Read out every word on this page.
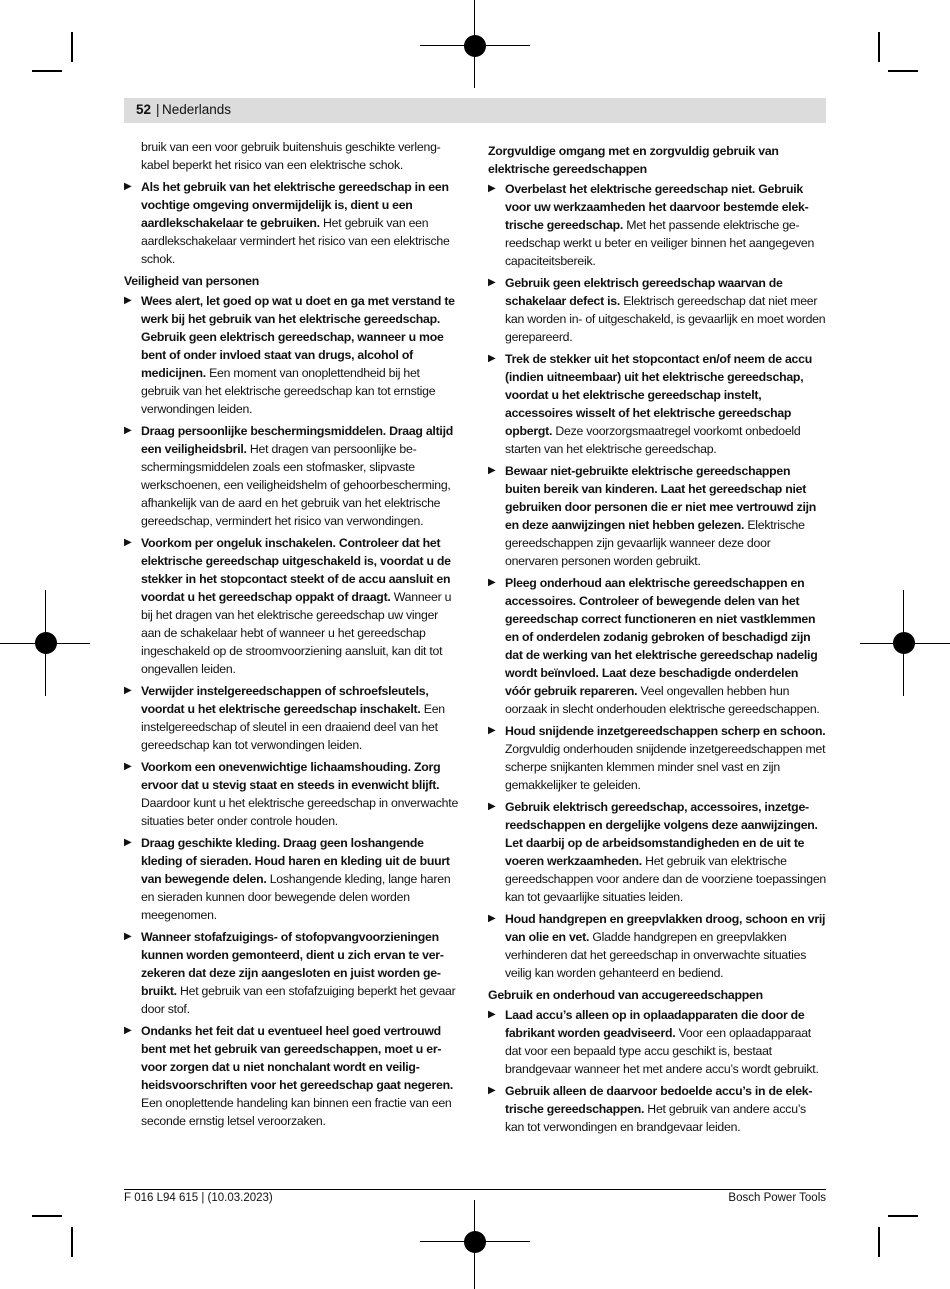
52 | Nederlands
bruik van een voor gebruik buitenshuis geschikte verlengkabel beperkt het risico van een elektrische schok.
▶ Als het gebruik van het elektrische gereedschap in een vochtige omgeving onvermijdelijk is, dient u een aardlekschakelaar te gebruiken. Het gebruik van een aardlekschakelaar vermindert het risico van een elektrische schok.
Veiligheid van personen
▶ Wees alert, let goed op wat u doet en ga met verstand te werk bij het gebruik van het elektrische gereedschap. Gebruik geen elektrisch gereedschap, wanneer u moe bent of onder invloed staat van drugs, alcohol of medicijnen. Een moment van onoplettendheid bij het gebruik van het elektrische gereedschap kan tot ernstige verwondingen leiden.
▶ Draag persoonlijke beschermingsmiddelen. Draag altijd een veiligheidsbril. Het dragen van persoonlijke beschermingsmiddelen zoals een stofmasker, slipvaste werkschoenen, een veiligheidshelm of gehoorbescherming, afhankelijk van de aard en het gebruik van het elektrische gereedschap, vermindert het risico van verwondingen.
▶ Voorkom per ongeluk inschakelen. Controleer dat het elektrische gereedschap uitgeschakeld is, voordat u de stekker in het stopcontact steekt of de accu aansluit en voordat u het gereedschap oppakt of draagt. Wanneer u bij het dragen van het elektrische gereedschap uw vinger aan de schakelaar hebt of wanneer u het gereedschap ingeschakeld op de stroomvoorziening aansluit, kan dit tot ongevallen leiden.
▶ Verwijder instelgereedschappen of schroefsleutels, voordat u het elektrische gereedschap inschakelt. Een instelgereedschap of sleutel in een draaiend deel van het gereedschap kan tot verwondingen leiden.
▶ Voorkom een onevenwichtige lichaamshouding. Zorg ervoor dat u stevig staat en steeds in evenwicht blijft. Daardoor kunt u het elektrische gereedschap in onverwachte situaties beter onder controle houden.
▶ Draag geschikte kleding. Draag geen loshangende kleding of sieraden. Houd haren en kleding uit de buurt van bewegende delen. Loshangende kleding, lange haren en sieraden kunnen door bewegende delen worden meegenomen.
▶ Wanneer stofafzuigings- of stofopvangvoorzieningen kunnen worden gemonteerd, dient u zich ervan te verzekeren dat deze zijn aangesloten en juist worden gebruikt. Het gebruik van een stofafzuiging beperkt het gevaar door stof.
▶ Ondanks het feit dat u eventueel heel goed vertrouwd bent met het gebruik van gereedschappen, moet u ervoor zorgen dat u niet nonchalant wordt en veiligheidsvoorschriften voor het gereedschap gaat negeren. Een onoplettende handeling kan binnen een fractie van een seconde ernstig letsel veroorzaken.
Zorgvuldige omgang met en zorgvuldig gebruik van elektrische gereedschappen
▶ Overbelast het elektrische gereedschap niet. Gebruik voor uw werkzaamheden het daarvoor bestemde elektrische gereedschap. Met het passende elektrische gereedschap werkt u beter en veiliger binnen het aangegeven capaciteitsbereik.
▶ Gebruik geen elektrisch gereedschap waarvan de schakelaar defect is. Elektrisch gereedschap dat niet meer kan worden in- of uitgeschakeld, is gevaarlijk en moet worden gerepareerd.
▶ Trek de stekker uit het stopcontact en/of neem de accu (indien uitneembaar) uit het elektrische gereedschap, voordat u het elektrische gereedschap instelt, accessoires wisselt of het elektrische gereedschap opbergt. Deze voorzorgsmaatregel voorkomt onbedoeld starten van het elektrische gereedschap.
▶ Bewaar niet-gebruikte elektrische gereedschappen buiten bereik van kinderen. Laat het gereedschap niet gebruiken door personen die er niet mee vertrouwd zijn en deze aanwijzingen niet hebben gelezen. Elektrische gereedschappen zijn gevaarlijk wanneer deze door onervaren personen worden gebruikt.
▶ Pleeg onderhoud aan elektrische gereedschappen en accessoires. Controleer of bewegende delen van het gereedschap correct functioneren en niet vastklemmen en of onderdelen zodanig gebroken of beschadigd zijn dat de werking van het elektrische gereedschap nadelig wordt beïnvloed. Laat deze beschadigde onderdelen vóór gebruik repareren. Veel ongevallen hebben hun oorzaak in slecht onderhouden elektrische gereedschappen.
▶ Houd snijdende inzetgereedschappen scherp en schoon. Zorgvuldig onderhouden snijdende inzetgereedschappen met scherpe snijkanten klemmen minder snel vast en zijn gemakkelijker te geleiden.
▶ Gebruik elektrisch gereedschap, accessoires, inzetgereedschappen en dergelijke volgens deze aanwijzingen. Let daarbij op de arbeidsomstandigheden en de uit te voeren werkzaamheden. Het gebruik van elektrische gereedschappen voor andere dan de voorziene toepassingen kan tot gevaarlijke situaties leiden.
▶ Houd handgrepen en greepvlakken droog, schoon en vrij van olie en vet. Gladde handgrepen en greepvlakken verhinderen dat het gereedschap in onverwachte situaties veilig kan worden gehanteerd en bediend.
Gebruik en onderhoud van accugereedschappen
▶ Laad accu’s alleen op in oplaadapparaten die door de fabrikant worden geadviseerd. Voor een oplaadapparaat dat voor een bepaald type accu geschikt is, bestaat brandgevaar wanneer het met andere accu’s wordt gebruikt.
▶ Gebruik alleen de daarvoor bedoelde accu’s in de elektrische gereedschappen. Het gebruik van andere accu’s kan tot verwondingen en brandgevaar leiden.
F 016 L94 615 | (10.03.2023)	Bosch Power Tools
